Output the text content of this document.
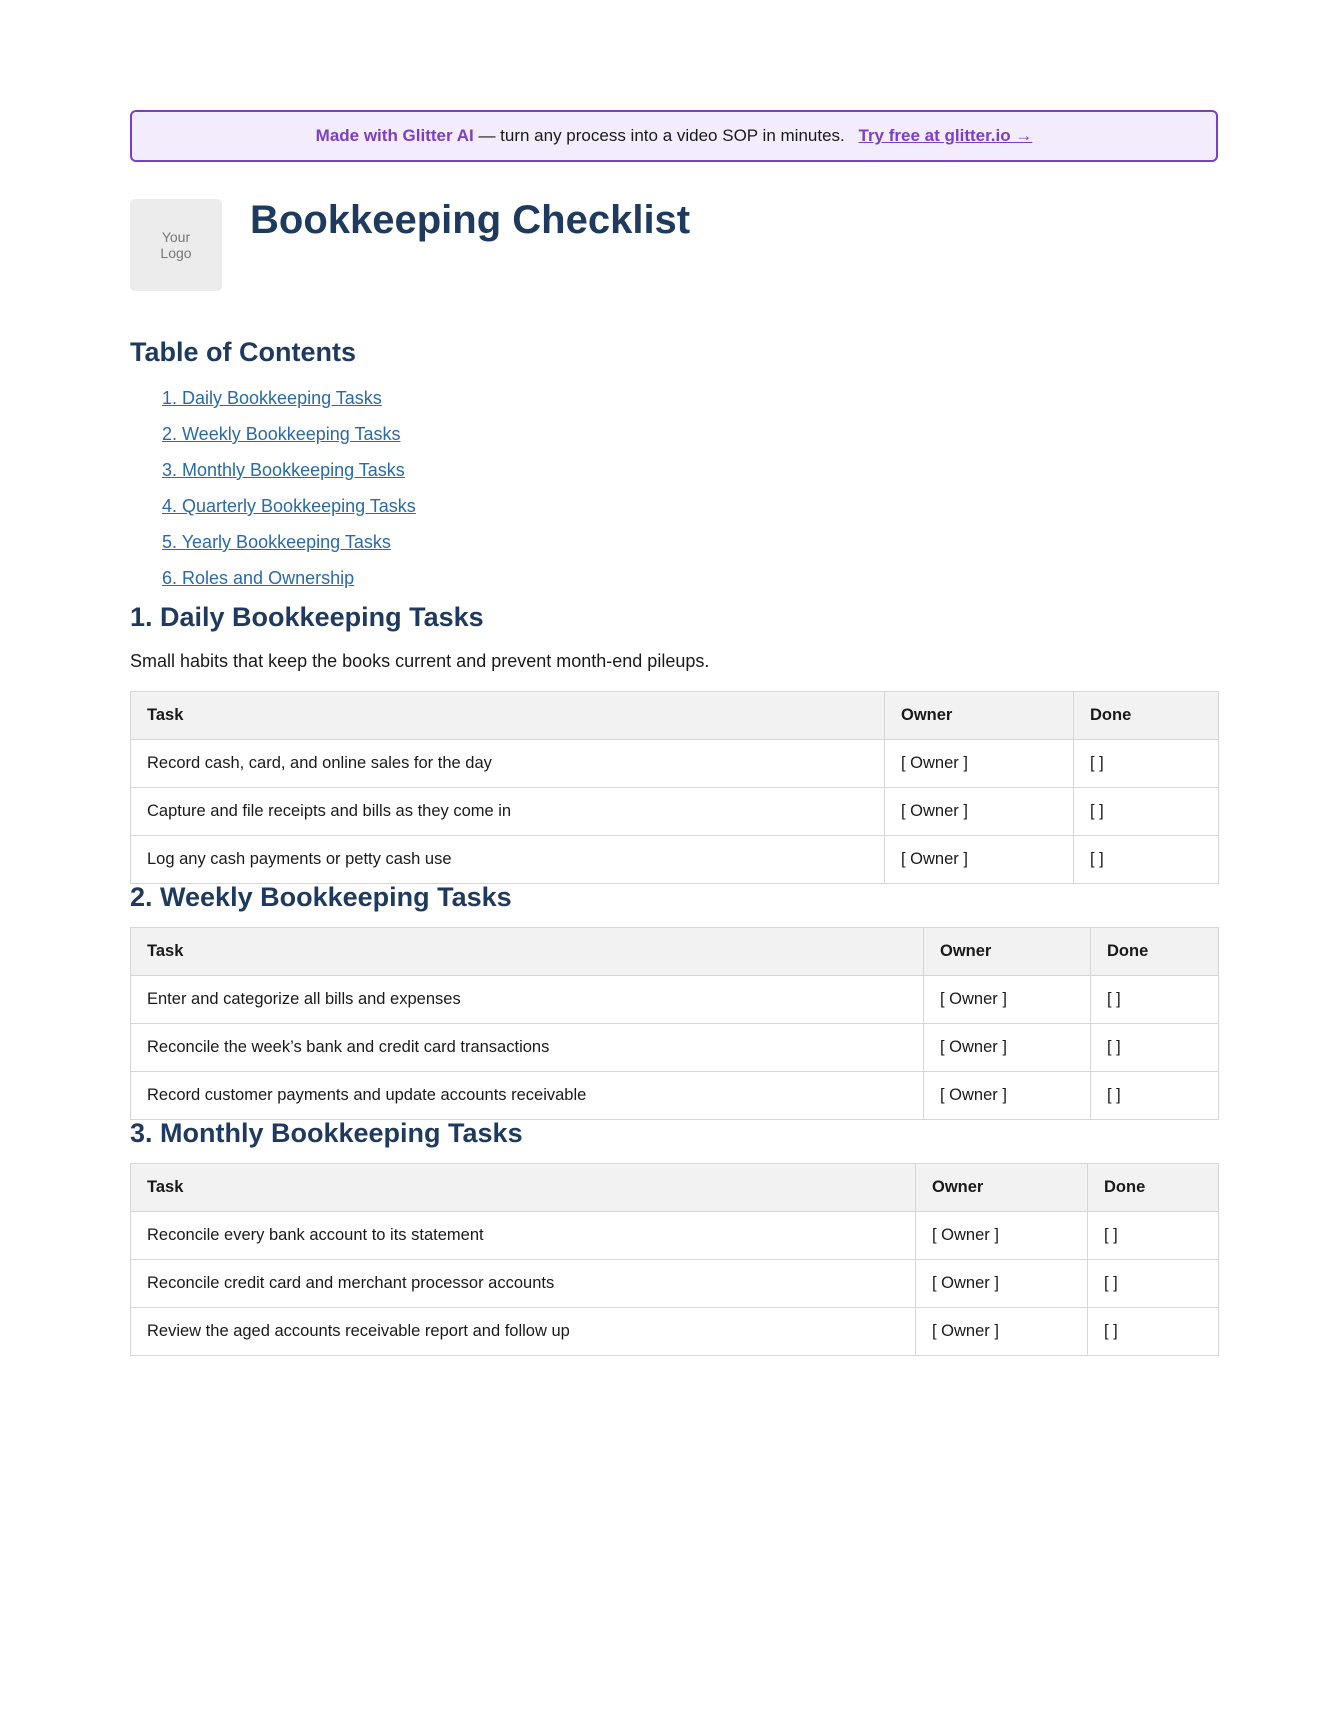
Made with Glitter AI
— turn any process into a video SOP in minutes.
Try free at glitter.io →
Your
Logo
Bookkeeping Checklist
Table of Contents
1. Daily Bookkeeping Tasks
2. Weekly Bookkeeping Tasks
3. Monthly Bookkeeping Tasks
4. Quarterly Bookkeeping Tasks
5. Yearly Bookkeeping Tasks
6. Roles and Ownership
1. Daily Bookkeeping Tasks

Small habits that keep the books current and prevent month-end pileups.

Task	Owner	Done
Record cash, card, and online sales for the day	[ Owner ]	[ ]
Capture and file receipts and bills as they come in	[ Owner ]	[ ]
Log any cash payments or petty cash use	[ Owner ]	[ ]
2. Weekly Bookkeeping Tasks
Task	Owner	Done
Enter and categorize all bills and expenses	[ Owner ]	[ ]
Reconcile the week’s bank and credit card transactions	[ Owner ]	[ ]
Record customer payments and update accounts receivable	[ Owner ]	[ ]
3. Monthly Bookkeeping Tasks
Task	Owner	Done
Reconcile every bank account to its statement	[ Owner ]	[ ]
Reconcile credit card and merchant processor accounts	[ Owner ]	[ ]
Review the aged accounts receivable report and follow up	[ Owner ]	[ ]
